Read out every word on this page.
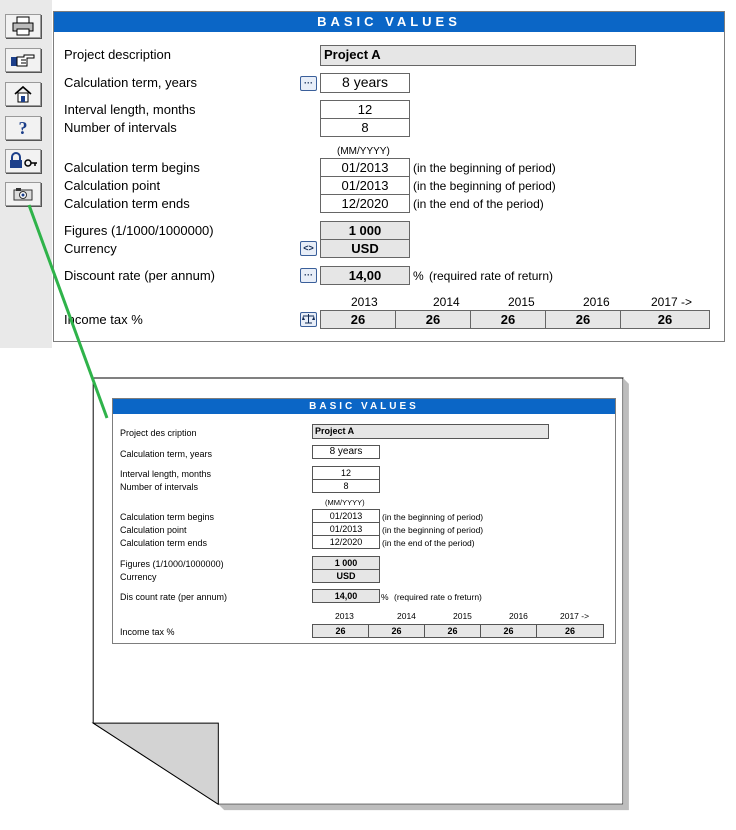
?
BASIC VALUES
Project description	Project A
Calculation term, years	···	8 years
Interval length, months	12
Number of intervals	8
(MM/YYYY)
Calculation term begins	01/2013	(in the beginning of period)
Calculation point	01/2013	(in the beginning of period)
Calculation term ends	12/2020	(in the end of the period)
Figures (1/1000/1000000)	1 000
Currency	<>	USD
Discount rate (per annum)	···	14,00	% (required rate of return)
2013	2014	2015	2016	2017 ->
Income tax %	26	26	26	26	26
BASIC VALUES
Project des cription	Project A
Calculation term, years	8 years
Interval length, months	12
Number of intervals	8
(MM/YYYY)
Calculation term begins	01/2013	(in the beginning of period)
Calculation point	01/2013	(in the beginning of period)
Calculation term ends	12/2020	(in the end of the period)
Figures (1/1000/1000000)	1 000
Currency	USD
Dis count rate (per annum)	14,00	% (required rate o freturn)
2013	2014	2015	2016	2017 ->
Income tax %	26	26	26	26	26
